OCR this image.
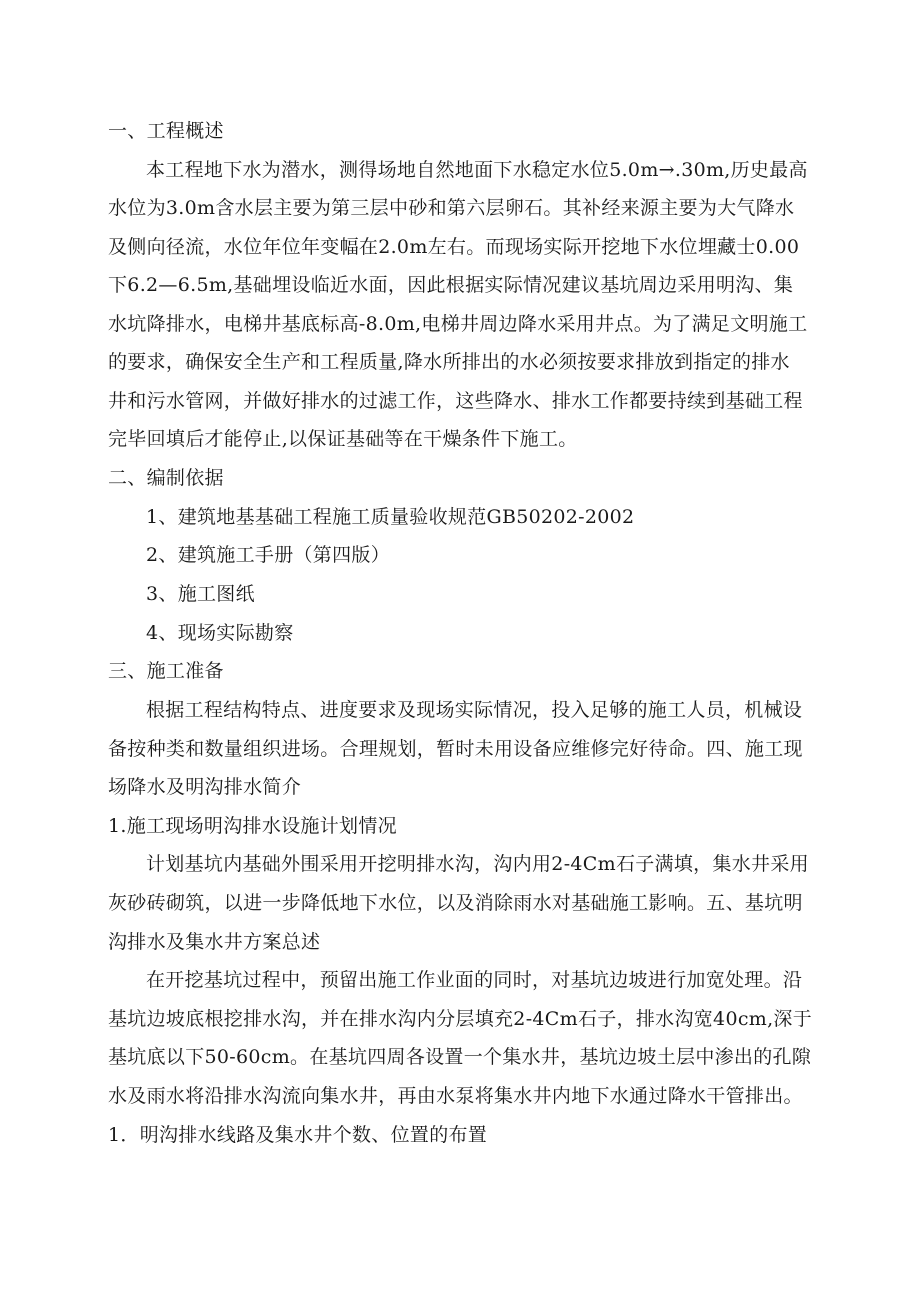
一、工程概述
本工程地下水为潜水，测得场地自然地面下水稳定水位5.0m→.30m,历史最高
水位为3.0m含水层主要为第三层中砂和第六层卵石。其补经来源主要为大气降水
及侧向径流，水位年位年变幅在2.0m左右。而现场实际开挖地下水位埋藏士0.00
下6.2—6.5m,基础埋设临近水面，因此根据实际情况建议基坑周边采用明沟、集
水坑降排水，电梯井基底标高-8.0m,电梯井周边降水采用井点。为了满足文明施工
的要求，确保安全生产和工程质量,降水所排出的水必须按要求排放到指定的排水
井和污水管网，并做好排水的过滤工作，这些降水、排水工作都要持续到基础工程
完毕回填后才能停止,以保证基础等在干燥条件下施工。
二、编制依据
1、建筑地基基础工程施工质量验收规范GB50202-2002
2、建筑施工手册（第四版）
3、施工图纸
4、现场实际勘察
三、施工准备
根据工程结构特点、进度要求及现场实际情况，投入足够的施工人员，机械设
备按种类和数量组织进场。合理规划，暂时未用设备应维修完好待命。四、施工现
场降水及明沟排水简介
1.施工现场明沟排水设施计划情况
计划基坑内基础外围采用开挖明排水沟，沟内用2-4Cm石子满填，集水井采用
灰砂砖砌筑，以进一步降低地下水位，以及消除雨水对基础施工影响。五、基坑明
沟排水及集水井方案总述
在开挖基坑过程中，预留出施工作业面的同时，对基坑边坡进行加宽处理。沿
基坑边坡底根挖排水沟，并在排水沟内分层填充2-4Cm石子，排水沟宽40cm,深于
基坑底以下50-60cm。在基坑四周各设置一个集水井，基坑边坡土层中渗出的孔隙
水及雨水将沿排水沟流向集水井，再由水泵将集水井内地下水通过降水干管排出。
1．明沟排水线路及集水井个数、位置的布置
